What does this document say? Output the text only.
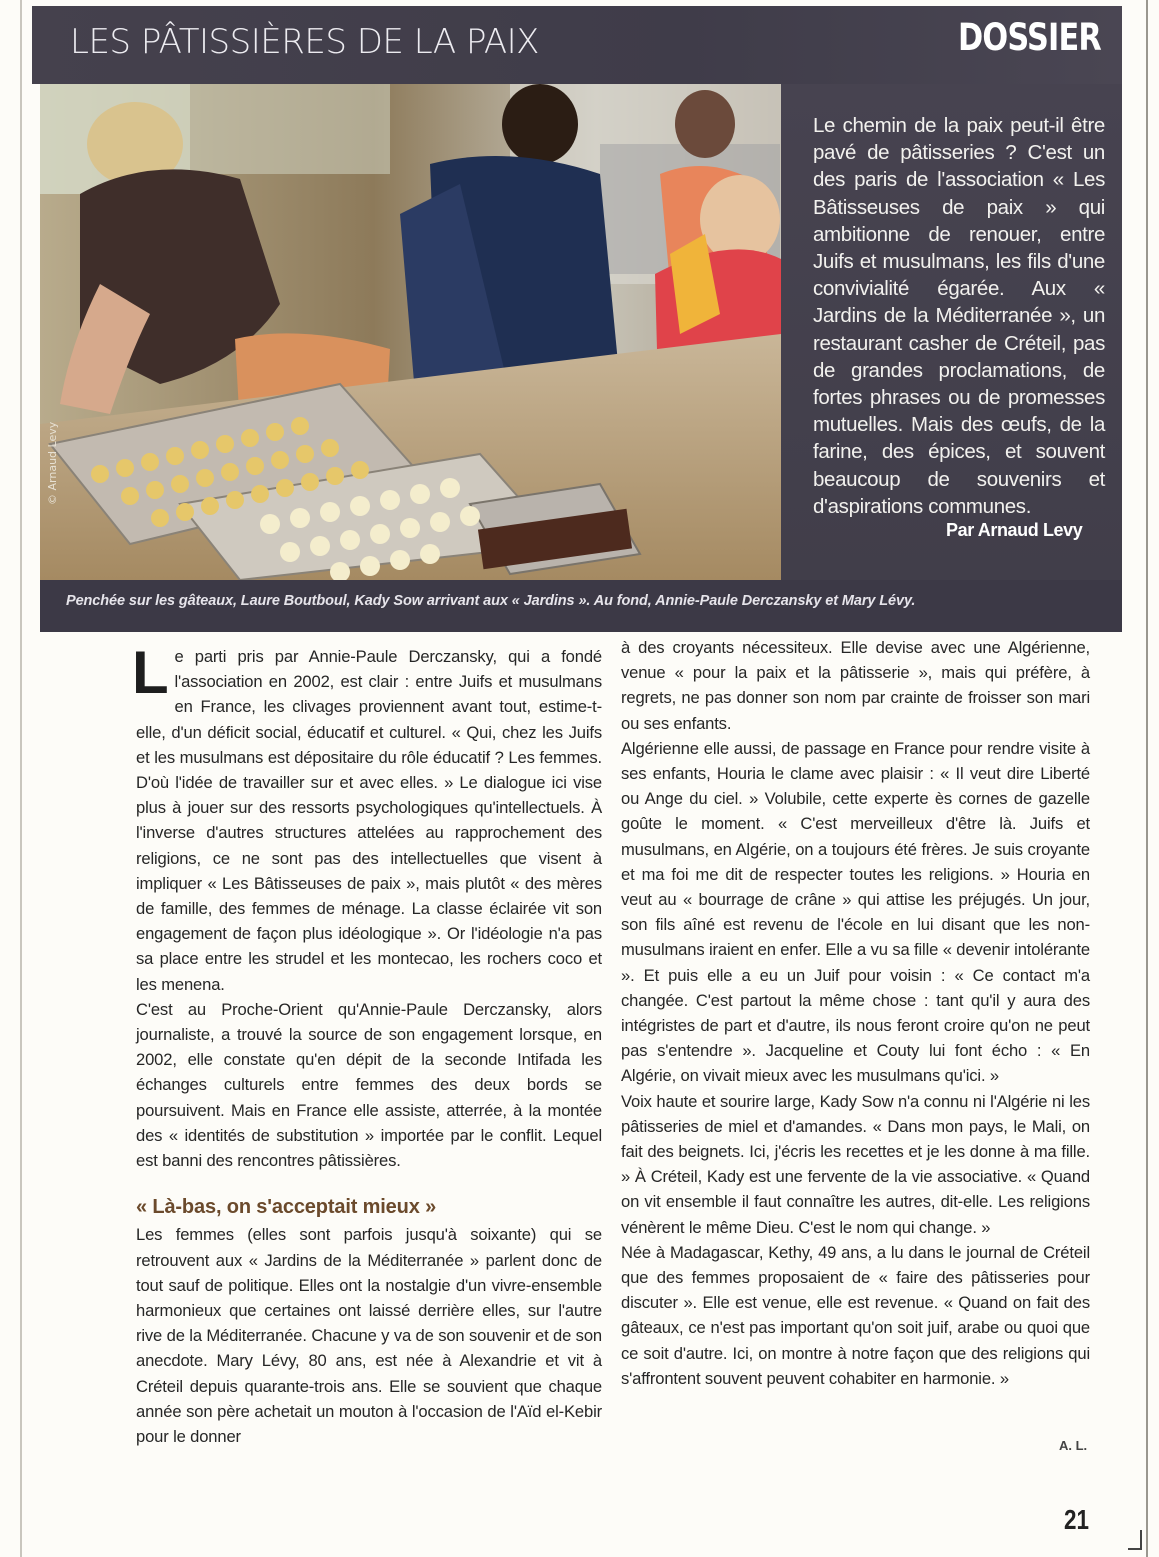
LES PÂTISSIÈRES DE LA PAIX	DOSSIER
© Arnaud Levy

Le chemin de la paix peut-il être pavé de pâtisseries ? C'est un des paris de l'association « Les Bâtisseuses de paix » qui ambitionne de renouer, entre Juifs et musulmans, les fils d'une convivialité égarée. Aux « Jardins de la Méditerranée », un restaurant casher de Créteil, pas de grandes proclamations, de fortes phrases ou de promesses mutuelles. Mais des œufs, de la farine, des épices, et souvent beaucoup de souvenirs et d'aspirations communes.

Par Arnaud Levy
Penchée sur les gâteaux, Laure Boutboul, Kady Sow arrivant aux « Jardins ». Au fond, Annie-Paule Derczansky et Mary Lévy.

Le parti pris par Annie-Paule Derczansky, qui a fondé l'association en 2002, est clair : entre Juifs et musulmans en France, les clivages proviennent avant tout, estime-t-elle, d'un déficit social, éducatif et culturel. « Qui, chez les Juifs et les musulmans est dépositaire du rôle éducatif ? Les femmes. D'où l'idée de travailler sur et avec elles. » Le dialogue ici vise plus à jouer sur des ressorts psychologiques qu'intellectuels. À l'inverse d'autres structures attelées au rapprochement des religions, ce ne sont pas des intellectuelles que visent à impliquer « Les Bâtisseuses de paix », mais plutôt « des mères de famille, des femmes de ménage. La classe éclairée vit son engagement de façon plus idéologique ». Or l'idéologie n'a pas sa place entre les strudel et les montecao, les rochers coco et les menena.

C'est au Proche-Orient qu'Annie-Paule Derczansky, alors journaliste, a trouvé la source de son engagement lorsque, en 2002, elle constate qu'en dépit de la seconde Intifada les échanges culturels entre femmes des deux bords se poursuivent. Mais en France elle assiste, atterrée, à la montée des « identités de substitution » importée par le conflit. Lequel est banni des rencontres pâtissières.

« Là-bas, on s'acceptait mieux »

Les femmes (elles sont parfois jusqu'à soixante) qui se retrouvent aux « Jardins de la Méditerranée » parlent donc de tout sauf de politique. Elles ont la nostalgie d'un vivre-ensemble harmonieux que certaines ont laissé derrière elles, sur l'autre rive de la Méditerranée. Chacune y va de son souvenir et de son anecdote. Mary Lévy, 80 ans, est née à Alexandrie et vit à Créteil depuis quarante-trois ans. Elle se souvient que chaque année son père achetait un mouton à l'occasion de l'Aïd el-Kebir pour le donner

à des croyants nécessiteux. Elle devise avec une Algérienne, venue « pour la paix et la pâtisserie », mais qui préfère, à regrets, ne pas donner son nom par crainte de froisser son mari ou ses enfants.

Algérienne elle aussi, de passage en France pour rendre visite à ses enfants, Houria le clame avec plaisir : « Il veut dire Liberté ou Ange du ciel. » Volubile, cette experte ès cornes de gazelle goûte le moment. « C'est merveilleux d'être là. Juifs et musulmans, en Algérie, on a toujours été frères. Je suis croyante et ma foi me dit de respecter toutes les religions. » Houria en veut au « bourrage de crâne » qui attise les préjugés. Un jour, son fils aîné est revenu de l'école en lui disant que les non-musulmans iraient en enfer. Elle a vu sa fille « devenir intolérante ». Et puis elle a eu un Juif pour voisin : « Ce contact m'a changée. C'est partout la même chose : tant qu'il y aura des intégristes de part et d'autre, ils nous feront croire qu'on ne peut pas s'entendre ». Jacqueline et Couty lui font écho : « En Algérie, on vivait mieux avec les musulmans qu'ici. »

Voix haute et sourire large, Kady Sow n'a connu ni l'Algérie ni les pâtisseries de miel et d'amandes. « Dans mon pays, le Mali, on fait des beignets. Ici, j'écris les recettes et je les donne à ma fille. » À Créteil, Kady est une fervente de la vie associative. « Quand on vit ensemble il faut connaître les autres, dit-elle. Les religions vénèrent le même Dieu. C'est le nom qui change. »

Née à Madagascar, Kethy, 49 ans, a lu dans le journal de Créteil que des femmes proposaient de « faire des pâtisseries pour discuter ». Elle est venue, elle est revenue. « Quand on fait des gâteaux, ce n'est pas important qu'on soit juif, arabe ou quoi que ce soit d'autre. Ici, on montre à notre façon que des religions qui s'affrontent souvent peuvent cohabiter en harmonie. »

A. L.
21
